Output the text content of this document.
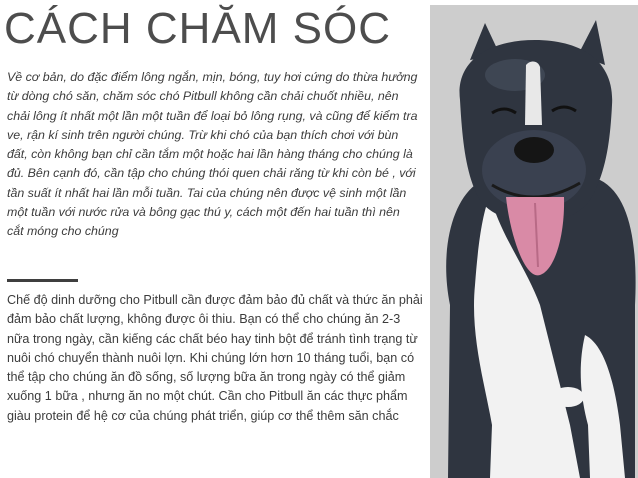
CÁCH CHĂM SÓC

Về cơ bản, do đặc điểm lông ngắn, mịn, bóng, tuy hơi cứng do thừa hưởng từ dòng chó săn, chăm sóc chó Pitbull không cần chải chuốt nhiều, nên chải lông ít nhất một lần một tuần để loại bỏ lông rụng, và cũng để kiểm tra ve, rận kí sinh trên người chúng. Trừ khi chó của bạn thích chơi với bùn đất, còn không bạn chỉ cần tắm một hoặc hai lần hàng tháng cho chúng là đủ. Bên cạnh đó, cần tập cho chúng thói quen chải răng từ khi còn bé , với tần suất ít nhất hai lần mỗi tuần. Tai của chúng nên được vệ sinh một lần một tuần với nước rửa và bông gạc thú y, cách một đến hai tuần thì nên cắt móng cho chúng

Chế độ dinh dưỡng cho Pitbull cần được đảm bảo đủ chất và thức ăn phải đảm bảo chất lượng, không được ôi thiu. Bạn có thể cho chúng ăn 2-3 nữa trong ngày, cần kiếng các chất béo hay tinh bột để tránh tình trạng từ nuôi chó chuyển thành nuôi lợn. Khi chúng lớn hơn 10 tháng tuổi, bạn có thể tập cho chúng ăn đồ sống, số lượng bữa ăn trong ngày có thể giảm xuống 1 bữa , nhưng ăn no một chút. Cần cho Pitbull ăn các thực phẩm giàu protein để hệ cơ của chúng phát triển, giúp cơ thể thêm săn chắc
